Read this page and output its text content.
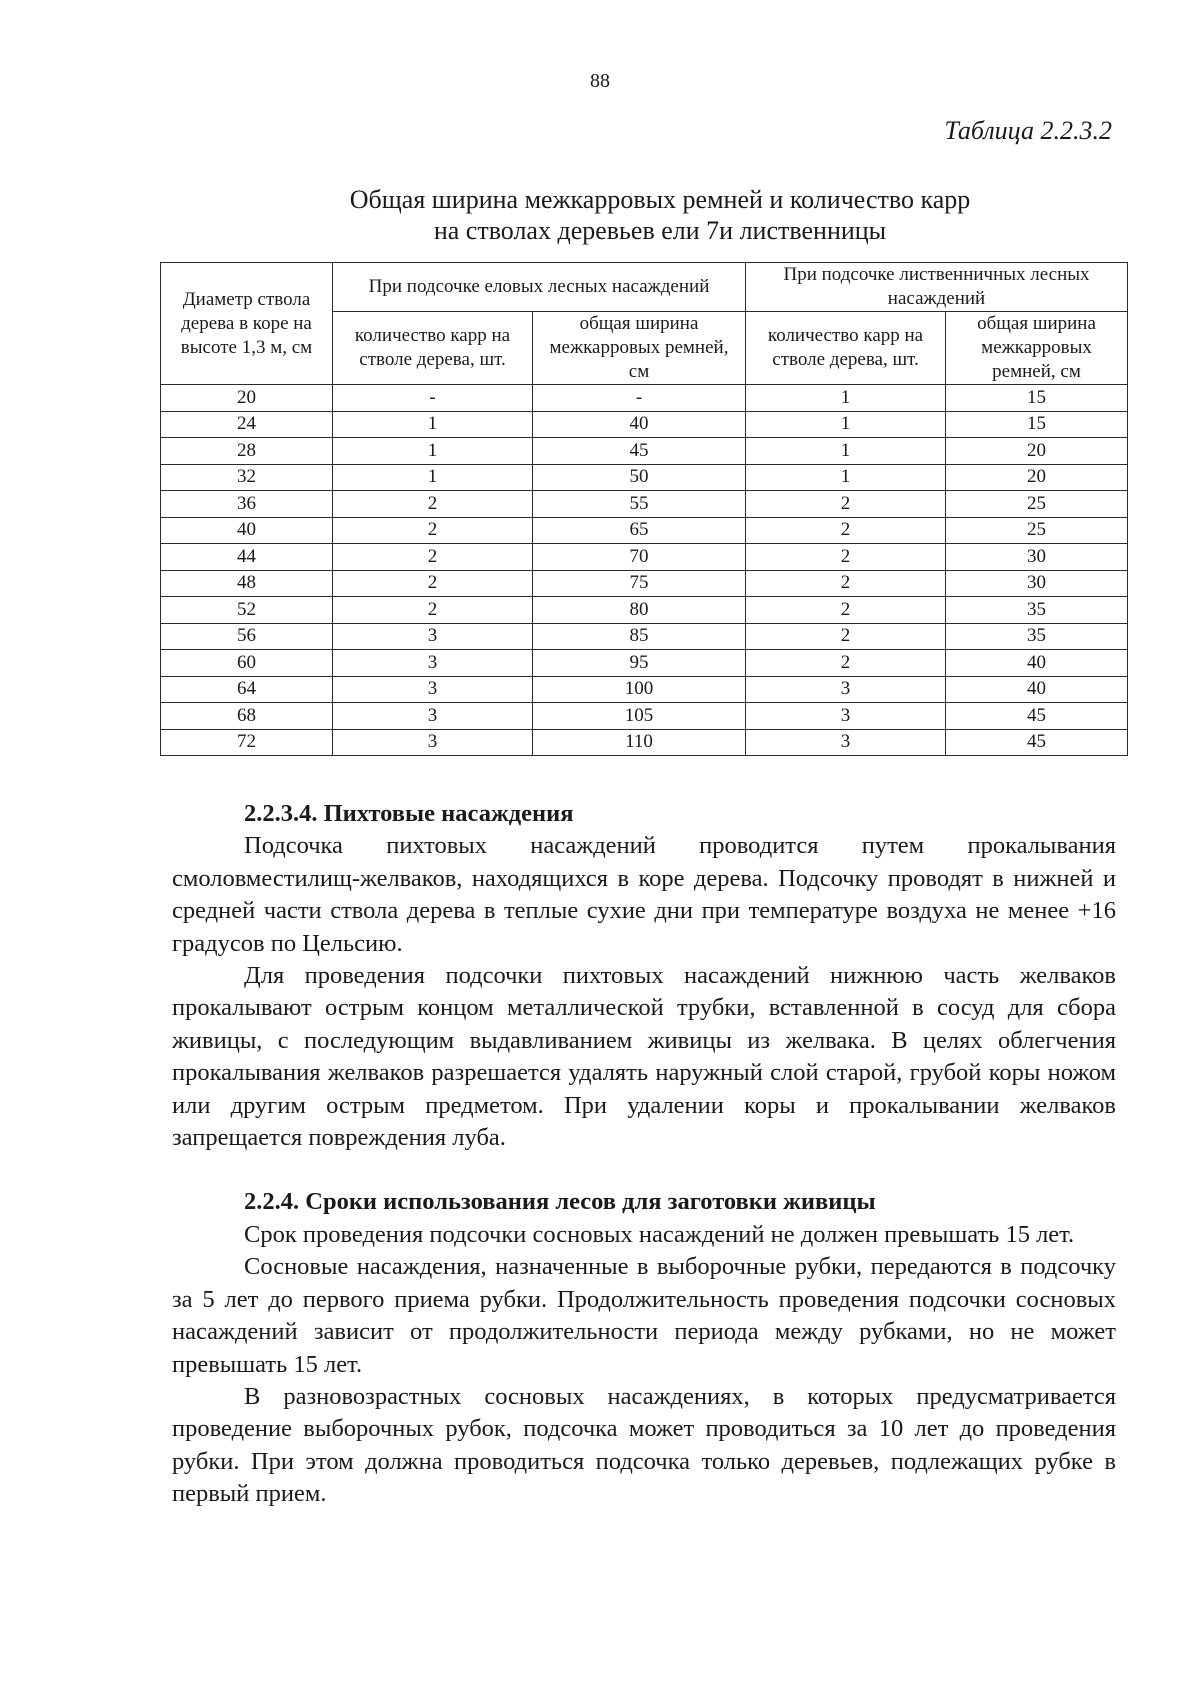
88
Таблица 2.2.3.2
Общая ширина межкарровых ремней и количество карр
на стволах деревьев ели 7и лиственницы
Диаметр ствола дерева в коре на высоте 1,3 м, см	При подсочке еловых лесных насаждений		При подсочке лиственничных лесных насаждений	
	количество карр на стволе дерева, шт.	общая ширина межкарровых ремней, см	количество карр на стволе дерева, шт.	общая ширина межкарровых ремней, см
20	-	-	1	15
24	1	40	1	15
28	1	45	1	20
32	1	50	1	20
36	2	55	2	25
40	2	65	2	25
44	2	70	2	30
48	2	75	2	30
52	2	80	2	35
56	3	85	2	35
60	3	95	2	40
64	3	100	3	40
68	3	105	3	45
72	3	110	3	45
2.2.3.4. Пихтовые насаждения

Подсочка пихтовых насаждений проводится путем прокалывания смоловместилищ-желваков, находящихся в коре дерева. Подсочку проводят в нижней и средней части ствола дерева в теплые сухие дни при температуре воздуха не менее +16 градусов по Цельсию.

Для проведения подсочки пихтовых насаждений нижнюю часть желваков прокалывают острым концом металлической трубки, вставленной в сосуд для сбора живицы, с последующим выдавливанием живицы из желвака. В целях облегчения прокалывания желваков разрешается удалять наружный слой старой, грубой коры ножом или другим острым предметом. При удалении коры и прокалывании желваков запрещается повреждения луба.

2.2.4. Сроки использования лесов для заготовки живицы

Срок проведения подсочки сосновых насаждений не должен превышать 15 лет.

Сосновые насаждения, назначенные в выборочные рубки, передаются в подсочку за 5 лет до первого приема рубки. Продолжительность проведения подсочки сосновых насаждений зависит от продолжительности периода между рубками, но не может превышать 15 лет.

В разновозрастных сосновых насаждениях, в которых предусматривается проведение выборочных рубок, подсочка может проводиться за 10 лет до проведения рубки. При этом должна проводиться подсочка только деревьев, подлежащих рубке в первый прием.
